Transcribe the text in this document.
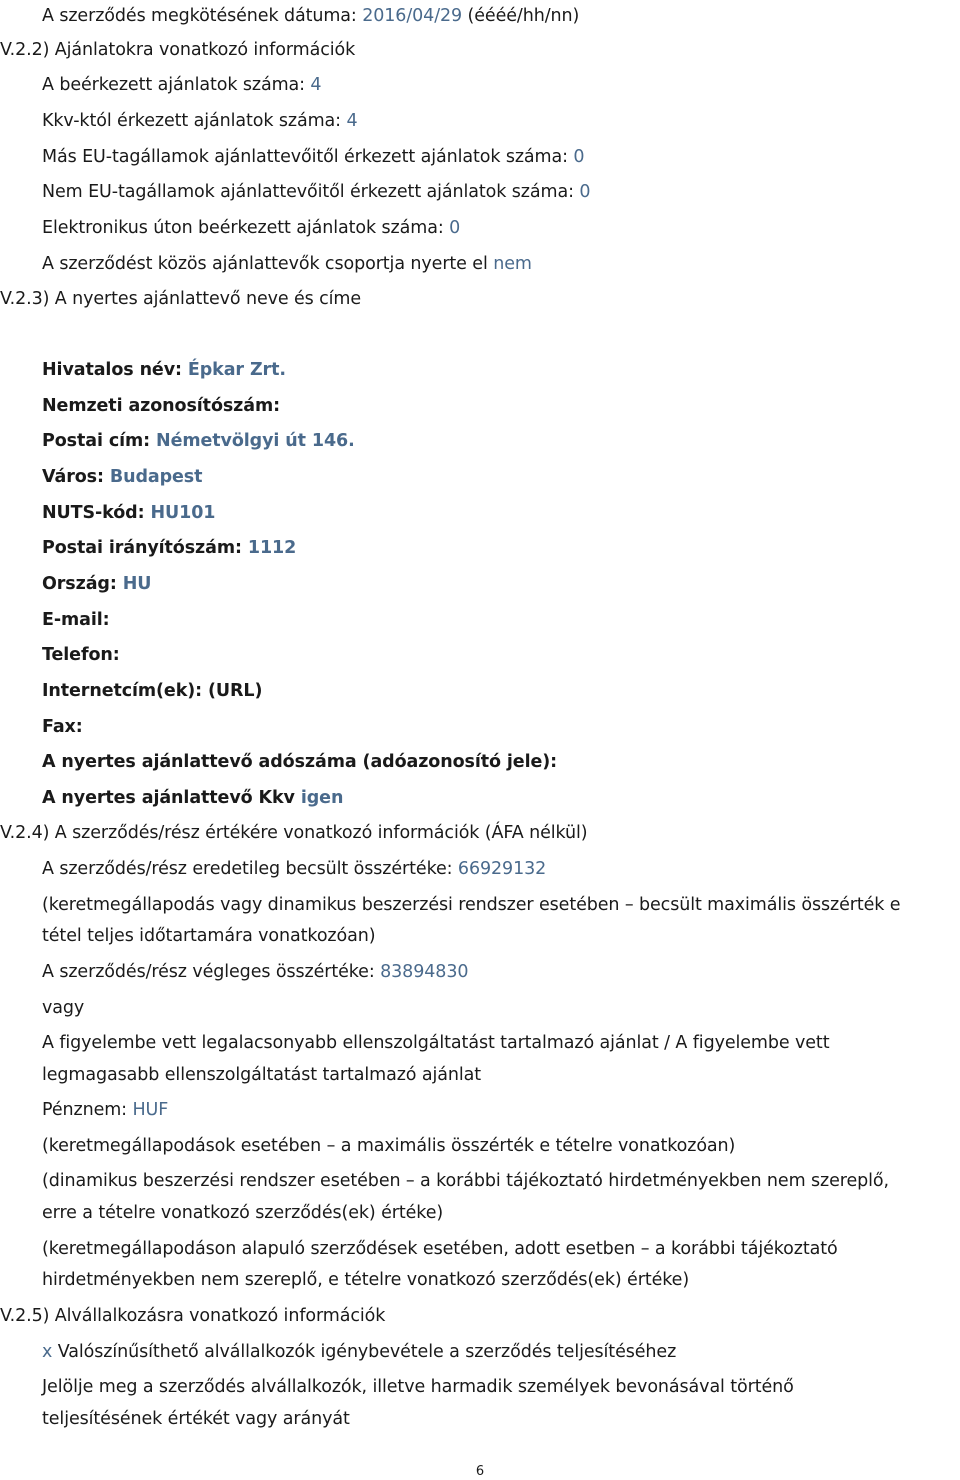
A szerződés megkötésének dátuma: 2016/04/29 (éééé/hh/nn)
V.2.2) Ajánlatokra vonatkozó információk
A beérkezett ajánlatok száma: 4
Kkv-któl érkezett ajánlatok száma: 4
Más EU-tagállamok ajánlattevőitől érkezett ajánlatok száma: 0
Nem EU-tagállamok ajánlattevőitől érkezett ajánlatok száma: 0
Elektronikus úton beérkezett ajánlatok száma: 0
A szerződést közös ajánlattevők csoportja nyerte el nem
V.2.3) A nyertes ajánlattevő neve és címe
Hivatalos név: Épkar Zrt.
Nemzeti azonosítószám:
Postai cím: Németvölgyi út 146.
Város: Budapest
NUTS-kód: HU101
Postai irányítószám: 1112
Ország: HU
E-mail:
Telefon:
Internetcím(ek): (URL)
Fax:
A nyertes ajánlattevő adószáma (adóazonosító jele):
A nyertes ajánlattevő Kkv igen
V.2.4) A szerződés/rész értékére vonatkozó információk (ÁFA nélkül)
A szerződés/rész eredetileg becsült összértéke: 66929132
(keretmegállapodás vagy dinamikus beszerzési rendszer esetében – becsült maximális összérték e
tétel teljes időtartamára vonatkozóan)
A szerződés/rész végleges összértéke: 83894830
vagy
A figyelembe vett legalacsonyabb ellenszolgáltatást tartalmazó ajánlat / A figyelembe vett
legmagasabb ellenszolgáltatást tartalmazó ajánlat
Pénznem: HUF
(keretmegállapodások esetében – a maximális összérték e tételre vonatkozóan)
(dinamikus beszerzési rendszer esetében – a korábbi tájékoztató hirdetményekben nem szereplő,
erre a tételre vonatkozó szerződés(ek) értéke)
(keretmegállapodáson alapuló szerződések esetében, adott esetben – a korábbi tájékoztató
hirdetményekben nem szereplő, e tételre vonatkozó szerződés(ek) értéke)
V.2.5) Alvállalkozásra vonatkozó információk
x Valószínűsíthető alvállalkozók igénybevétele a szerződés teljesítéséhez
Jelölje meg a szerződés alvállalkozók, illetve harmadik személyek bevonásával történő
teljesítésének értékét vagy arányát
6
